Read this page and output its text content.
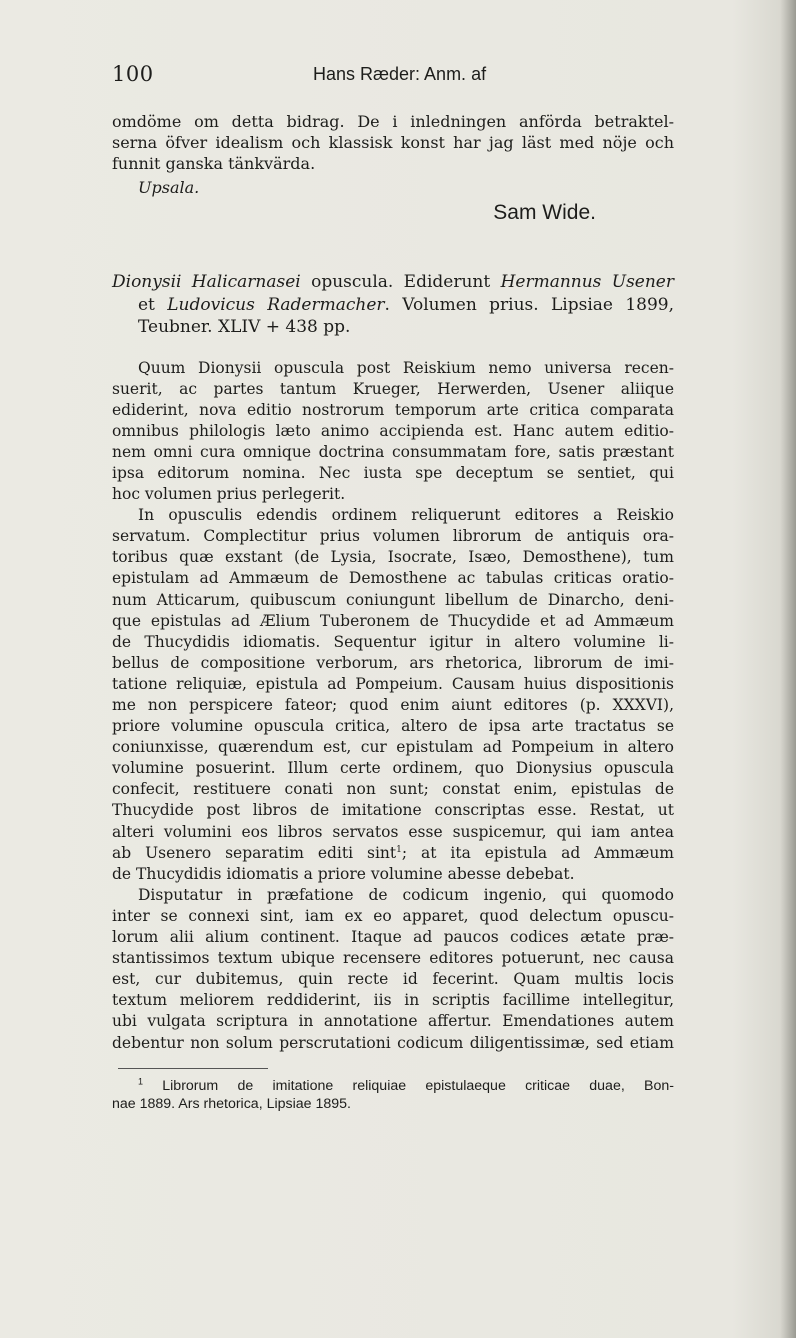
100	Hans Ræder: Anm. af
omdöme om detta bidrag. De i inledningen anförda betraktel-
serna öfver idealism och klassisk konst har jag läst med nöje och
funnit ganska tänkvärda.
Upsala.
Sam Wide.
Dionysii Halicarnasei opuscula. Ediderunt Hermannus Usener
et Ludovicus Radermacher. Volumen prius. Lipsiae 1899,
Teubner. XLIV + 438 pp.

Quum Dionysii opuscula post Reiskium nemo universa recen-
suerit, ac partes tantum Krueger, Herwerden, Usener aliique
ediderint, nova editio nostrorum temporum arte critica comparata
omnibus philologis læto animo accipienda est. Hanc autem editio-
nem omni cura omnique doctrina consummatam fore, satis præstant
ipsa editorum nomina. Nec iusta spe deceptum se sentiet, qui
hoc volumen prius perlegerit.

In opusculis edendis ordinem reliquerunt editores a Reiskio
servatum. Complectitur prius volumen librorum de antiquis ora-
toribus quæ exstant (de Lysia, Isocrate, Isæo, Demosthene), tum
epistulam ad Ammæum de Demosthene ac tabulas criticas oratio-
num Atticarum, quibuscum coniungunt libellum de Dinarcho, deni-
que epistulas ad Ælium Tuberonem de Thucydide et ad Ammæum
de Thucydidis idiomatis. Sequentur igitur in altero volumine li-
bellus de compositione verborum, ars rhetorica, librorum de imi-
tatione reliquiæ, epistula ad Pompeium. Causam huius dispositionis
me non perspicere fateor; quod enim aiunt editores (p. XXXVI),
priore volumine opuscula critica, altero de ipsa arte tractatus se
coniunxisse, quærendum est, cur epistulam ad Pompeium in altero
volumine posuerint. Illum certe ordinem, quo Dionysius opuscula
confecit, restituere conati non sunt; constat enim, epistulas de
Thucydide post libros de imitatione conscriptas esse. Restat, ut
alteri volumini eos libros servatos esse suspicemur, qui iam antea
ab Usenero separatim editi sint$^1$; at ita epistula ad Ammæum
de Thucydidis idiomatis a priore volumine abesse debebat.

Disputatur in præfatione de codicum ingenio, qui quomodo
inter se connexi sint, iam ex eo apparet, quod delectum opuscu-
lorum alii alium continent. Itaque ad paucos codices ætate præ-
stantissimos textum ubique recensere editores potuerunt, nec causa
est, cur dubitemus, quin recte id fecerint. Quam multis locis
textum meliorem reddiderint, iis in scriptis facillime intellegitur,
ubi vulgata scriptura in annotatione affertur. Emendationes autem
debentur non solum perscrutationi codicum diligentissimæ, sed etiam

$^1$ Librorum de imitatione reliquiae epistulaeque criticae duae, Bon-
nae 1889. Ars rhetorica, Lipsiae 1895.
